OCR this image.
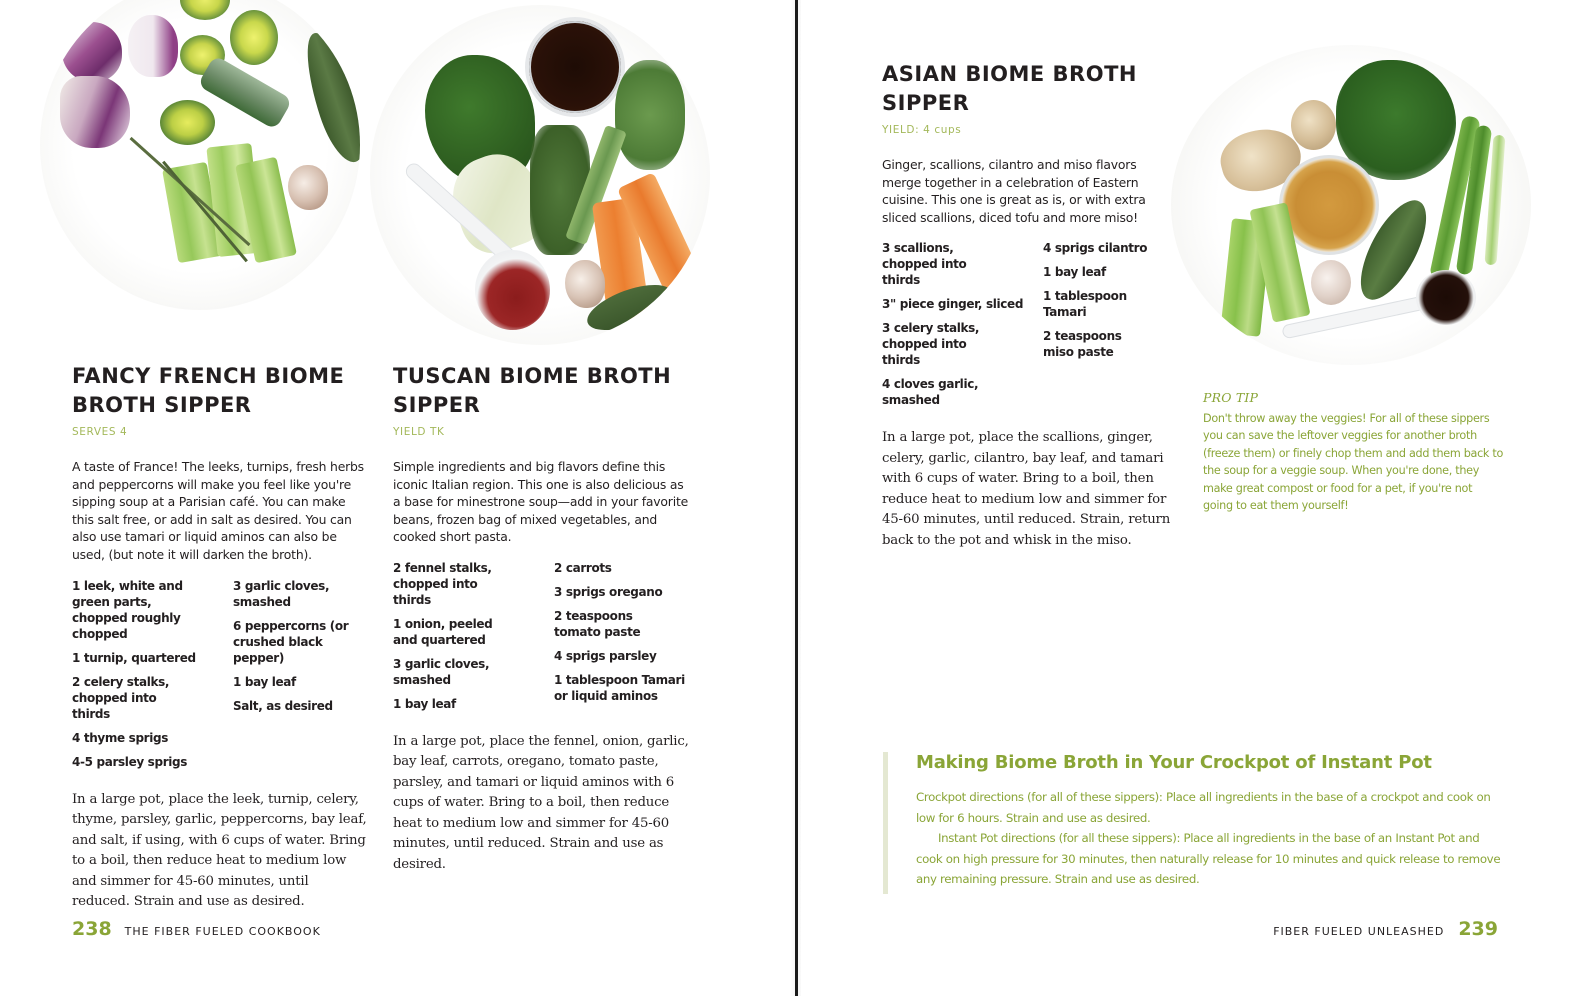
FANCY FRENCH BIOME
BROTH SIPPER
SERVES 4
A taste of France! The leeks, turnips, fresh herbs and peppercorns will make you feel like you're sipping soup at a Parisian café. You can make this salt free, or add in salt as desired. You can also use tamari or liquid aminos can also be used, (but note it will darken the broth).
1 leek, white and green parts, chopped roughly chopped
1 turnip, quartered
2 celery stalks, chopped into thirds
4 thyme sprigs
4-5 parsley sprigs
3 garlic cloves, smashed
6 peppercorns (or crushed black pepper)
1 bay leaf
Salt, as desired
In a large pot, place the leek, turnip, celery, thyme, parsley, garlic, peppercorns, bay leaf, and salt, if using, with 6 cups of water. Bring to a boil, then reduce heat to medium low and simmer for 45-60 minutes, until reduced. Strain and use as desired.
TUSCAN BIOME BROTH
SIPPER
YIELD TK
Simple ingredients and big flavors define this iconic Italian region. This one is also delicious as a base for minestrone soup—add in your favorite beans, frozen bag of mixed vegetables, and cooked short pasta.
2 fennel stalks, chopped into thirds
1 onion, peeled and quartered
3 garlic cloves, smashed
1 bay leaf
2 carrots
3 sprigs oregano
2 teaspoons tomato paste
4 sprigs parsley
1 tablespoon Tamari or liquid aminos
In a large pot, place the fennel, onion, garlic, bay leaf, carrots, oregano, tomato paste, parsley, and tamari or liquid aminos with 6 cups of water. Bring to a boil, then reduce heat to medium low and simmer for 45-60 minutes, until reduced. Strain and use as desired.
238 THE FIBER FUELED COOKBOOK
ASIAN BIOME BROTH
SIPPER
YIELD: 4 cups
Ginger, scallions, cilantro and miso flavors merge together in a celebration of Eastern cuisine. This one is great as is, or with extra sliced scallions, diced tofu and more miso!
3 scallions, chopped into thirds
3" piece ginger, sliced
3 celery stalks, chopped into thirds
4 cloves garlic, smashed
4 sprigs cilantro
1 bay leaf
1 tablespoon Tamari
2 teaspoons miso paste
In a large pot, place the scallions, ginger, celery, garlic, cilantro, bay leaf, and tamari with 6 cups of water. Bring to a boil, then reduce heat to medium low and simmer for 45-60 minutes, until reduced. Strain, return back to the pot and whisk in the miso.
PRO TIP
Don't throw away the veggies! For all of these sippers you can save the leftover veggies for another broth (freeze them) or finely chop them and add them back to the soup for a veggie soup. When you're done, they make great compost or food for a pet, if you're not going to eat them yourself!
Making Biome Broth in Your Crockpot of Instant Pot

Crockpot directions (for all of these sippers): Place all ingredients in the base of a crockpot and cook on low for 6 hours. Strain and use as desired.

Instant Pot directions (for all these sippers): Place all ingredients in the base of an Instant Pot and cook on high pressure for 30 minutes, then naturally release for 10 minutes and quick release to remove any remaining pressure. Strain and use as desired.

FIBER FUELED UNLEASHED 239
